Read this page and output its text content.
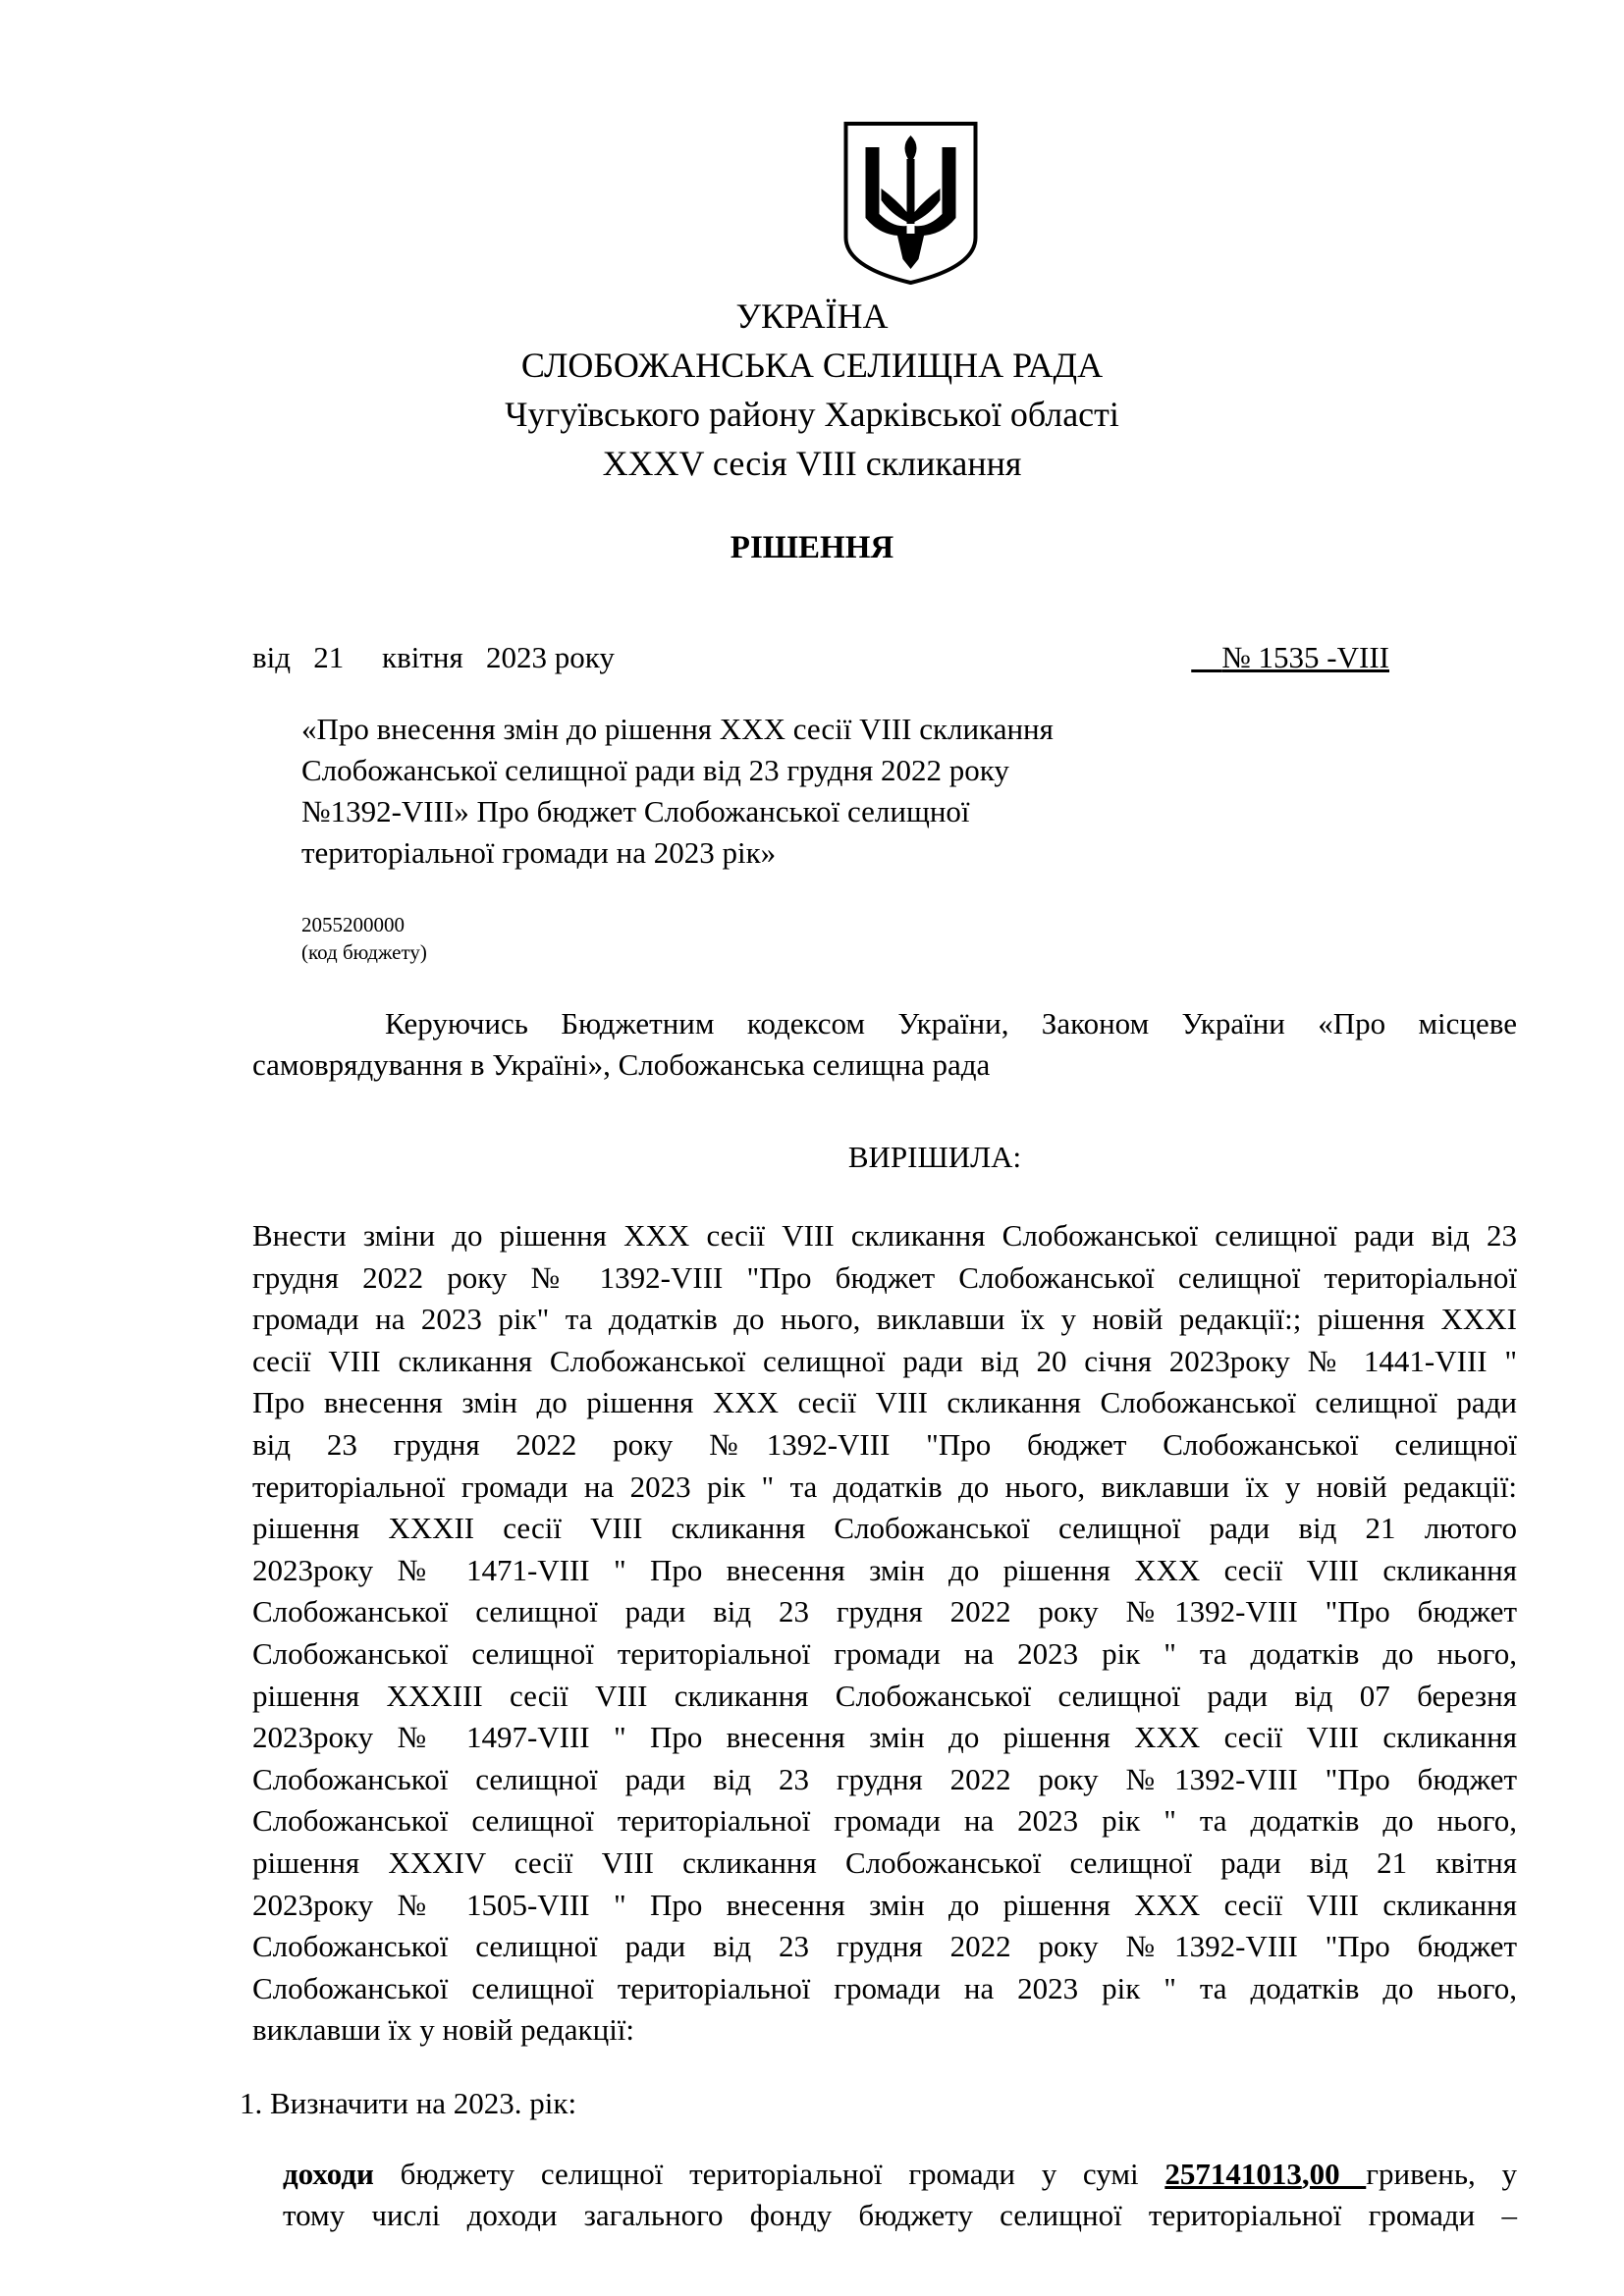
УКРАЇНА
СЛОБОЖАНСЬКА СЕЛИЩНА РАДА
Чугуївського району Харківської області
XXXV сесія VIII скликання
РІШЕННЯ
від 21 квітня 2023 року	№ 1535 -VIII
«Про внесення змін до рішення XXX сесії VIII скликання
Слобожанської селищної ради від 23 грудня 2022 року
№1392-VIII» Про бюджет Слобожанської селищної
територіальної громади на 2023 рік»
2055200000
(код бюджету)
Керуючись Бюджетним кодексом України, Законом України «Про місцеве
самоврядування в Україні», Слобожанська селищна рада
ВИРІШИЛА:
Внести зміни до рішення XXX сесії VIII скликання Слобожанської селищної ради від 23
грудня 2022 року № 1392-VIII "Про бюджет Слобожанської селищної територіальної
громади на 2023 рік" та додатків до нього, виклавши їх у новій редакції:; рішення XXXI
сесії VIII скликання Слобожанської селищної ради від 20 січня 2023року № 1441-VIII "
Про внесення змін до рішення XXX сесії VIII скликання Слобожанської селищної ради
від 23 грудня 2022 року №1392-VIII "Про бюджет Слобожанської селищної
територіальної громади на 2023 рік " та додатків до нього, виклавши їх у новій редакції:
рішення XXXII сесії VIII скликання Слобожанської селищної ради від 21 лютого
2023року № 1471-VIII " Про внесення змін до рішення XXX сесії VIII скликання
Слобожанської селищної ради від 23 грудня 2022 року №1392-VIII "Про бюджет
Слобожанської селищної територіальної громади на 2023 рік " та додатків до нього,
рішення XXXIII сесії VIII скликання Слобожанської селищної ради від 07 березня
2023року № 1497-VIII " Про внесення змін до рішення XXX сесії VIII скликання
Слобожанської селищної ради від 23 грудня 2022 року №1392-VIII "Про бюджет
Слобожанської селищної територіальної громади на 2023 рік " та додатків до нього,
рішення XXXIV сесії VIII скликання Слобожанської селищної ради від 21 квітня
2023року № 1505-VIII " Про внесення змін до рішення XXX сесії VIII скликання
Слобожанської селищної ради від 23 грудня 2022 року №1392-VIII "Про бюджет
Слобожанської селищної територіальної громади на 2023 рік " та додатків до нього,
виклавши їх у новій редакції:
1. Визначити на 2023. рік:
доходи бюджету селищної територіальної громади у сумі 257141013,00 гривень, у
тому числі доходи загального фонду бюджету селищної територіальної громади –
